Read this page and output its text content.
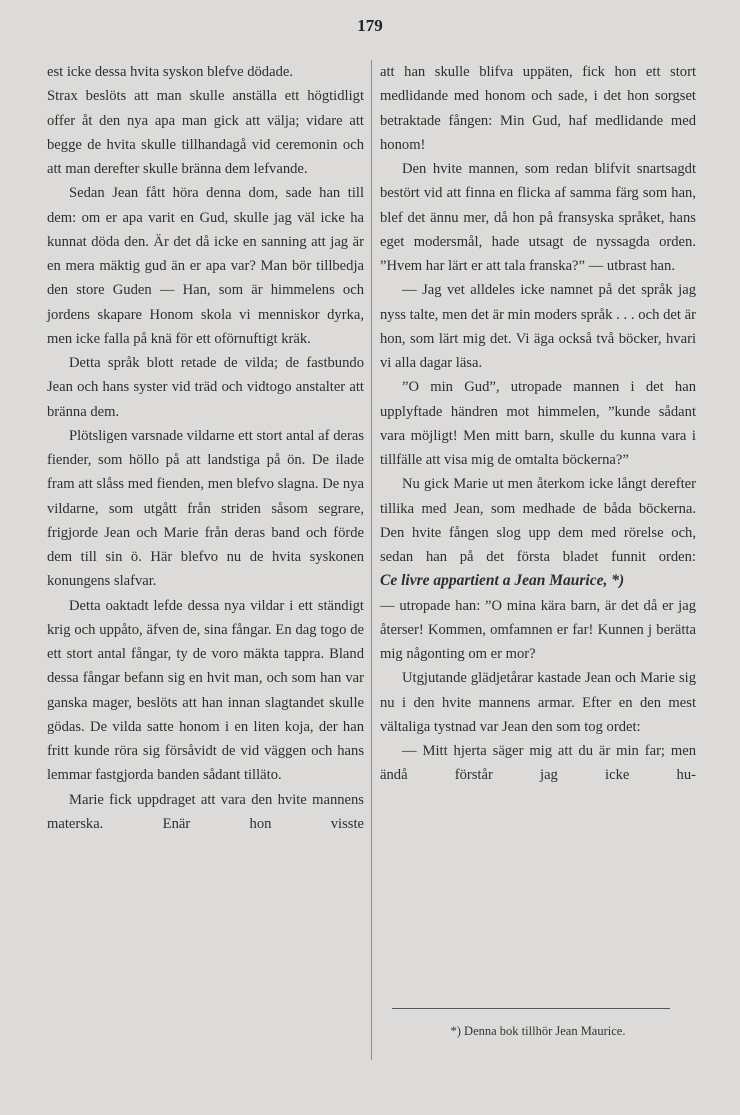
179

est icke dessa hvita syskon blefve dödade.

Strax beslöts att man skulle anställa ett högtidligt offer åt den nya apa man gick att välja; vidare att begge de hvita skulle tillhandagå vid ceremonin och att man derefter skulle bränna dem lefvande.

Sedan Jean fått höra denna dom, sade han till dem: om er apa varit en Gud, skulle jag väl icke ha kunnat döda den. Är det då icke en sanning att jag är en mera mäktig gud än er apa var? Man bör tillbedja den store Guden — Han, som är himmelens och jordens skapare Honom skola vi menniskor dyrka, men icke falla på knä för ett oförnuftigt kräk.

Detta språk blott retade de vilda; de fastbundo Jean och hans syster vid träd och vidtogo anstalter att bränna dem.

Plötsligen varsnade vildarne ett stort antal af deras fiender, som höllo på att landstiga på ön. De ilade fram att slåss med fienden, men blefvo slagna. De nya vildarne, som utgått från striden såsom segrare, frigjorde Jean och Marie från deras band och förde dem till sin ö. Här blefvo nu de hvita syskonen konungens slafvar.

Detta oaktadt lefde dessa nya vildar i ett ständigt krig och uppåto, äfven de, sina fångar. En dag togo de ett stort antal fångar, ty de voro mäkta tappra. Bland dessa fångar befann sig en hvit man, och som han var ganska mager, beslöts att han innan slagtandet skulle gödas. De vilda satte honom i en liten koja, der han fritt kunde röra sig försåvidt de vid väggen och hans lemmar fastgjorda banden sådant tilläto.

Marie fick uppdraget att vara den hvite mannens materska. Enär hon visste

att han skulle blifva uppäten, fick hon ett stort medlidande med honom och sade, i det hon sorgset betraktade fången: Min Gud, haf medlidande med honom!

Den hvite mannen, som redan blifvit snartsagdt bestört vid att finna en flicka af samma färg som han, blef det ännu mer, då hon på fransyska språket, hans eget modersmål, hade utsagt de nyssagda orden. ”Hvem har lärt er att tala franska?” — utbrast han.

— Jag vet alldeles icke namnet på det språk jag nyss talte, men det är min moders språk . . . och det är hon, som lärt mig det. Vi äga också två böcker, hvari vi alla dagar läsa.

”O min Gud”, utropade mannen i det han upplyftade händren mot himmelen, ”kunde sådant vara möjligt! Men mitt barn, skulle du kunna vara i tillfälle att visa mig de omtalta böckerna?”

Nu gick Marie ut men återkom icke långt derefter tillika med Jean, som medhade de båda böckerna. Den hvite fången slog upp dem med rörelse och, sedan han på det första bladet funnit orden:

Ce livre appartient a Jean Maurice, *)

— utropade han: ”O mina kära barn, är det då er jag återser! Kommen, omfamnen er far! Kunnen j berätta mig någonting om er mor?

Utgjutande glädjetårar kastade Jean och Marie sig nu i den hvite mannens armar. Efter en den mest vältaliga tystnad var Jean den som tog ordet:

— Mitt hjerta säger mig att du är min far; men ändå förstår jag icke hu-

*) Denna bok tillhör Jean Maurice.
